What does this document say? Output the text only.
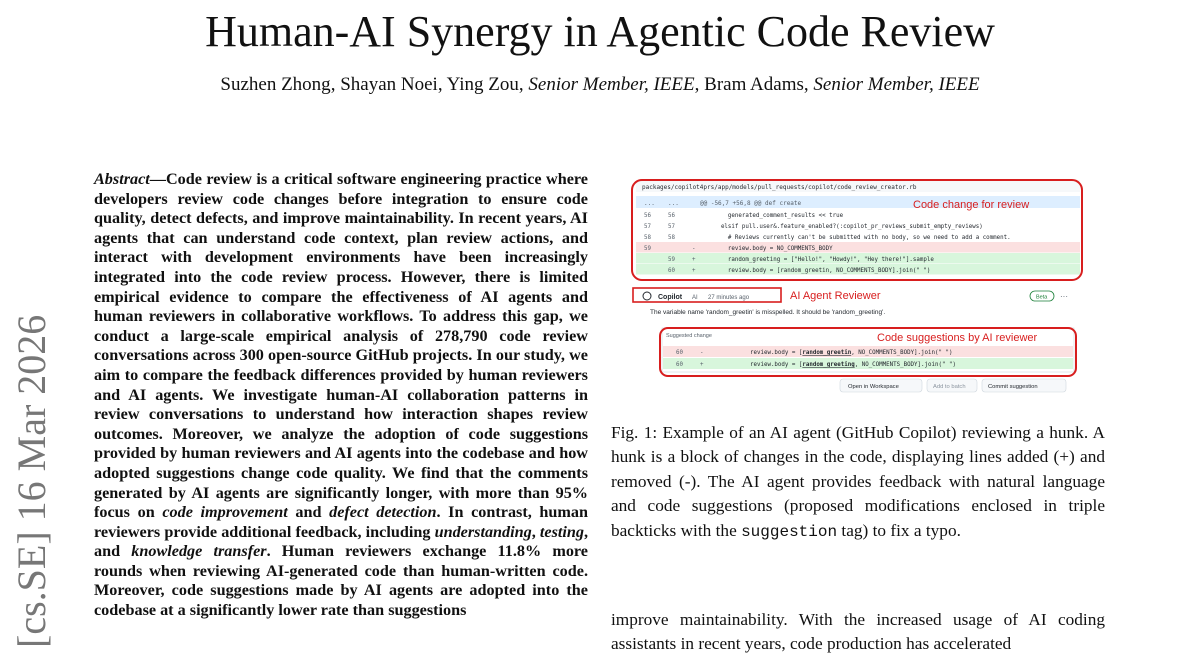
Human-AI Synergy in Agentic Code Review
Suzhen Zhong, Shayan Noei, Ying Zou, Senior Member, IEEE, Bram Adams, Senior Member, IEEE
[cs.SE] 16 Mar 2026
Abstract—Code review is a critical software engineering practice where developers review code changes before integration to ensure code quality, detect defects, and improve maintainability. In recent years, AI agents that can understand code context, plan review actions, and interact with development environments have been increasingly integrated into the code review process. However, there is limited empirical evidence to compare the effectiveness of AI agents and human reviewers in collaborative workflows. To address this gap, we conduct a large-scale empirical analysis of 278,790 code review conversations across 300 open-source GitHub projects. In our study, we aim to compare the feedback differences provided by human reviewers and AI agents. We investigate human-AI collaboration patterns in review conversations to understand how interaction shapes review outcomes. Moreover, we analyze the adoption of code suggestions provided by human reviewers and AI agents into the codebase and how adopted suggestions change code quality. We find that the comments generated by AI agents are significantly longer, with more than 95% focus on code improvement and defect detection. In contrast, human reviewers provide additional feedback, including understanding, testing, and knowledge transfer. Human reviewers exchange 11.8% more rounds when reviewing AI-generated code than human-written code. Moreover, code suggestions made by AI agents are adopted into the codebase at a significantly lower rate than suggestions
packages/copilot4prs/app/models/pull_requests/copilot/code_review_creator.rb
... ...	@@ -56,7 +56,8 @@ def create
56	56	generated_comment_results << true
57	57	elsif pull.user&.feature_enabled?(:copilot_pr_reviews_submit_empty_reviews)
58	58	# Reviews currently can't be submitted with no body, so we need to add a comment.
59	- review.body = NO_COMMENTS_BODY
59	+ random_greeting = ["Hello!", "Howdy!", "Hey there!"].sample
60	+ review.body = [random_greetin, NO_COMMENTS_BODY].join(" ")
Code change for review
Copilot AI 27 minutes ago	AI Agent Reviewer	Beta ···
The variable name 'random_greetin' is misspelled. It should be 'random_greeting'.
Suggested change
60	-	review.body = [random_greetin, NO_COMMENTS_BODY].join(" ")
60	+	review.body = [random_greeting, NO_COMMENTS_BODY].join(" ")
Code suggestions by AI reviewer
Open in Workspace	Add to batch	Commit suggestion
Fig. 1: Example of an AI agent (GitHub Copilot) reviewing a hunk. A hunk is a block of changes in the code, displaying lines added (+) and removed (-). The AI agent provides feedback with natural language and code suggestions (proposed modifications enclosed in triple backticks with the suggestion tag) to fix a typo.
improve maintainability. With the increased usage of AI coding assistants in recent years, code production has accelerated
